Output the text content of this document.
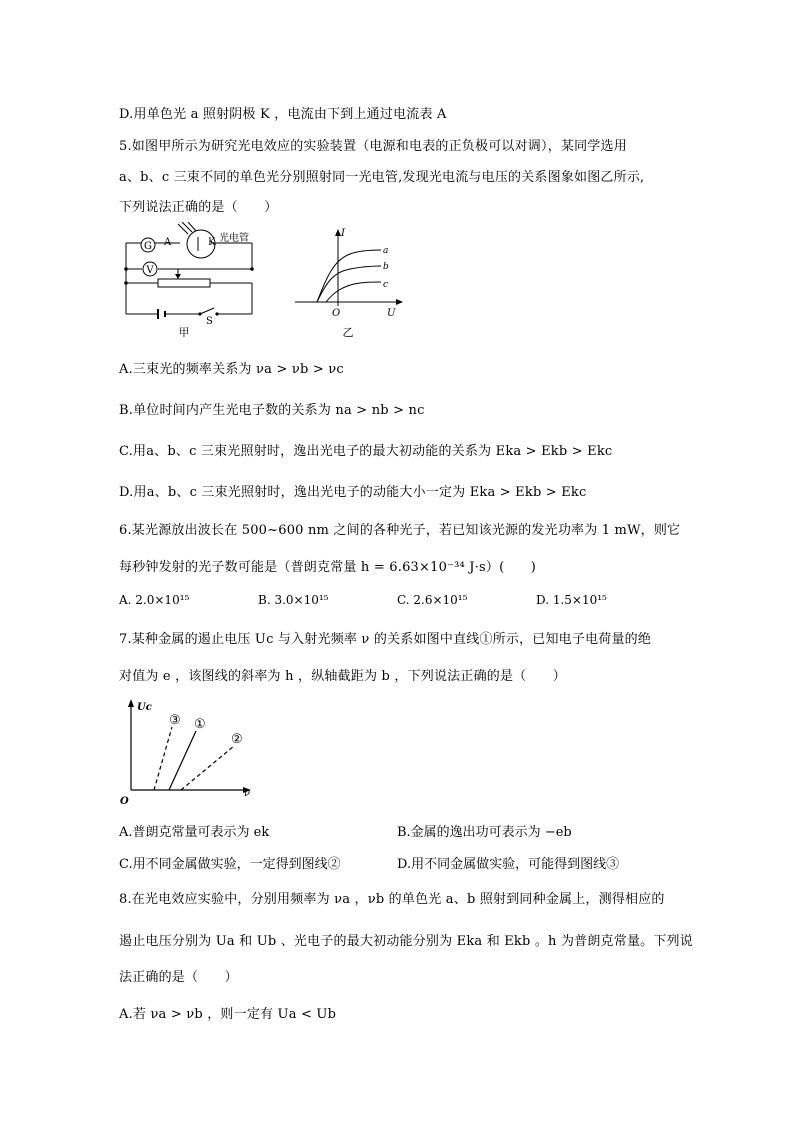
D.用单色光 a 照射阴极 K ，电流由下到上通过电流表 A
5.如图甲所示为研究光电效应的实验装置（电源和电表的正负极可以对调），某同学选用
a、b、c 三束不同的单色光分别照射同一光电管,发现光电流与电压的关系图象如图乙所示,
下列说法正确的是（　　）
G
V
A	K 光电管
S
甲
I
U
O
a
b
c
乙
A.三束光的频率关系为 νa > νb > νc
B.单位时间内产生光电子数的关系为 na > nb > nc
C.用a、b、c 三束光照射时，逸出光电子的最大初动能的关系为 Eka > Ekb > Ekc
D.用a、b、c 三束光照射时，逸出光电子的动能大小一定为 Eka > Ekb > Ekc
6.某光源放出波长在 500~600 nm 之间的各种光子，若已知该光源的发光功率为 1 mW，则它
每秒钟发射的光子数可能是（普朗克常量 h = 6.63×10⁻³⁴ J·s）(　　)
A. 2.0×10¹⁵	B. 3.0×10¹⁵	C. 2.6×10¹⁵	D. 1.5×10¹⁵
7.某种金属的遏止电压 Uc 与入射光频率 ν 的关系如图中直线①所示，已知电子电荷量的绝
对值为 e ，该图线的斜率为 h ，纵轴截距为 b ，下列说法正确的是（　　）
Uc
ν
O
③ ①
②
A.普朗克常量可表示为 ek	B.金属的逸出功可表示为 −eb
C.用不同金属做实验，一定得到图线②	D.用不同金属做实验，可能得到图线③
8.在光电效应实验中，分别用频率为 νa ，νb 的单色光 a、b 照射到同种金属上，测得相应的
遏止电压分别为 Ua 和 Ub 、光电子的最大初动能分别为 Eka 和 Ekb 。h 为普朗克常量。下列说
法正确的是（　　）
A.若 νa > νb ，则一定有 Ua < Ub
